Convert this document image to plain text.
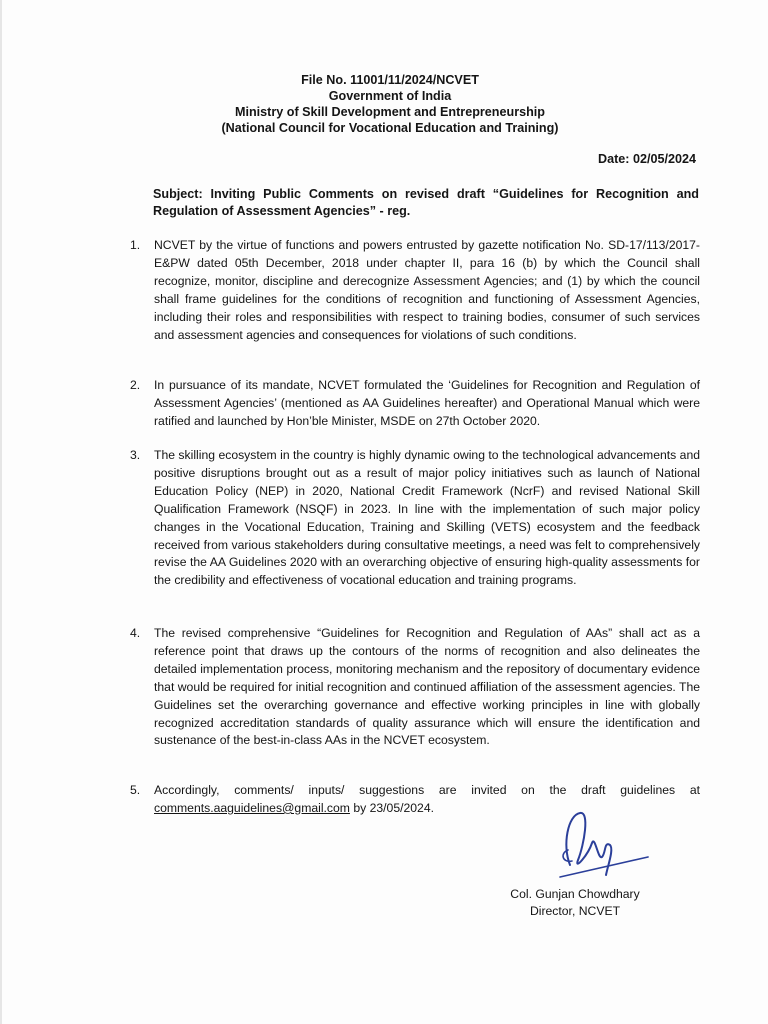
File No. 11001/11/2024/NCVET
Government of India
Ministry of Skill Development and Entrepreneurship
(National Council for Vocational Education and Training)
Date: 02/05/2024
Subject: Inviting Public Comments on revised draft “Guidelines for Recognition and Regulation of Assessment Agencies” - reg.
1.	NCVET by the virtue of functions and powers entrusted by gazette notification No. SD-17/113/2017-E&PW dated 05th December, 2018 under chapter II, para 16 (b) by which the Council shall recognize, monitor, discipline and derecognize Assessment Agencies; and (1) by which the council shall frame guidelines for the conditions of recognition and functioning of Assessment Agencies, including their roles and responsibilities with respect to training bodies, consumer of such services and assessment agencies and consequences for violations of such conditions.
2.	In pursuance of its mandate, NCVET formulated the ‘Guidelines for Recognition and Regulation of Assessment Agencies’ (mentioned as AA Guidelines hereafter) and Operational Manual which were ratified and launched by Hon’ble Minister, MSDE on 27th October 2020.
3.	The skilling ecosystem in the country is highly dynamic owing to the technological advancements and positive disruptions brought out as a result of major policy initiatives such as launch of National Education Policy (NEP) in 2020, National Credit Framework (NcrF) and revised National Skill Qualification Framework (NSQF) in 2023. In line with the implementation of such major policy changes in the Vocational Education, Training and Skilling (VETS) ecosystem and the feedback received from various stakeholders during consultative meetings, a need was felt to comprehensively revise the AA Guidelines 2020 with an overarching objective of ensuring high-quality assessments for the credibility and effectiveness of vocational education and training programs.
4.	The revised comprehensive “Guidelines for Recognition and Regulation of AAs” shall act as a reference point that draws up the contours of the norms of recognition and also delineates the detailed implementation process, monitoring mechanism and the repository of documentary evidence that would be required for initial recognition and continued affiliation of the assessment agencies. The Guidelines set the overarching governance and effective working principles in line with globally recognized accreditation standards of quality assurance which will ensure the identification and sustenance of the best-in-class AAs in the NCVET ecosystem.
5.	Accordingly, comments/ inputs/ suggestions are invited on the draft guidelines at comments.aaguidelines@gmail.com by 23/05/2024.
Col. Gunjan Chowdhary
Director, NCVET
